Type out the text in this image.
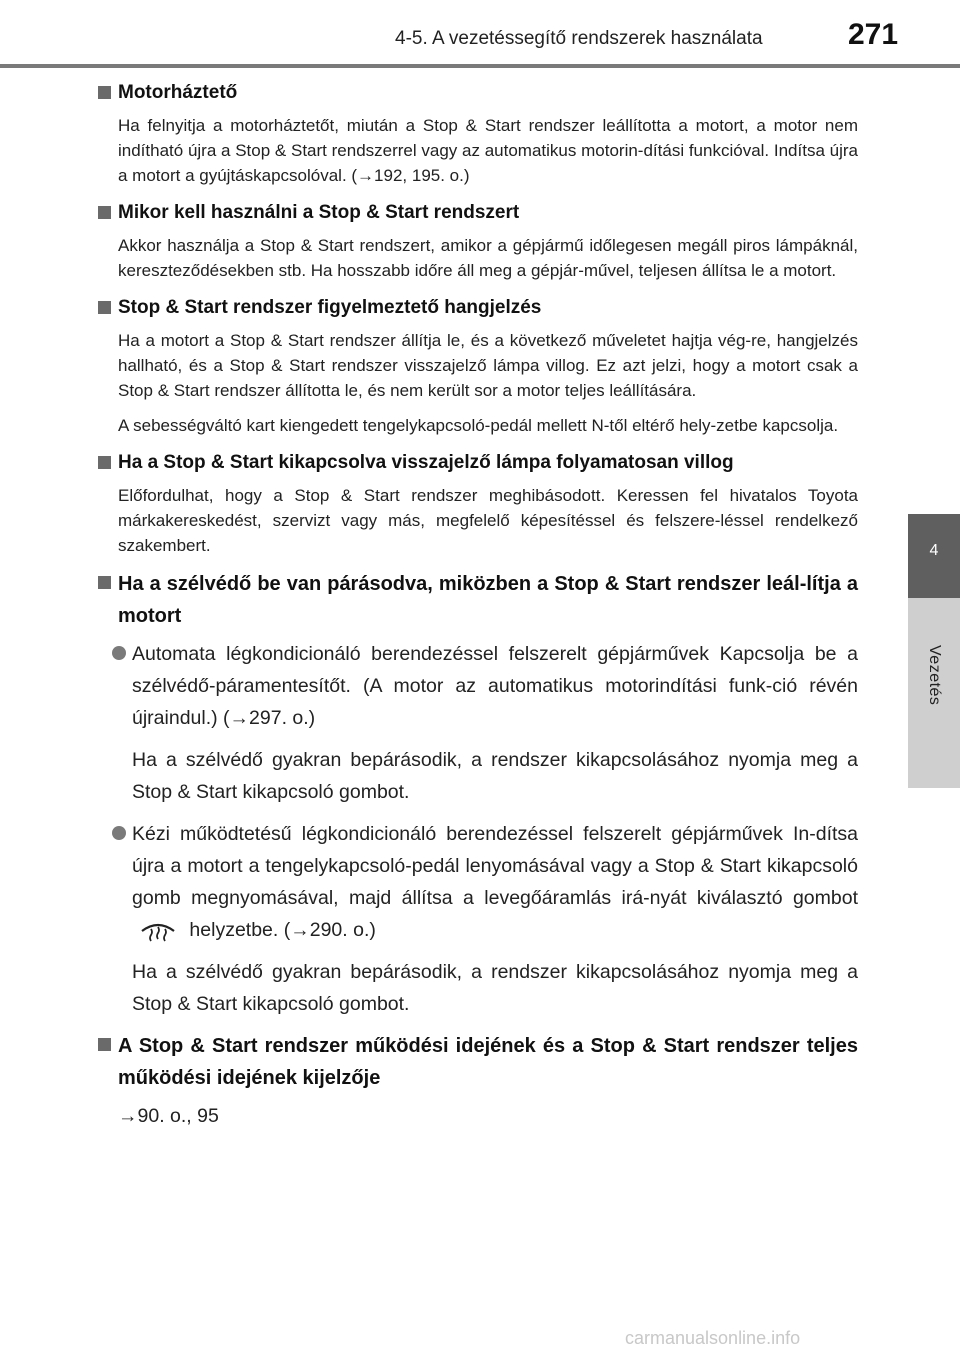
4-5. A vezetéssegítő rendszerek használata	271
4
Vezetés
Motorháztető

Ha felnyitja a motorháztetőt, miután a Stop & Start rendszer leállította a motort, a motor nem indítható újra a Stop & Start rendszerrel vagy az automatikus motorin-dítási funkcióval. Indítsa újra a motort a gyújtáskapcsolóval. (→192, 195. o.)

Mikor kell használni a Stop & Start rendszert

Akkor használja a Stop & Start rendszert, amikor a gépjármű időlegesen megáll piros lámpáknál, kereszteződésekben stb. Ha hosszabb időre áll meg a gépjár-művel, teljesen állítsa le a motort.

Stop & Start rendszer figyelmeztető hangjelzés

Ha a motort a Stop & Start rendszer állítja le, és a következő műveletet hajtja vég-re, hangjelzés hallható, és a Stop & Start rendszer visszajelző lámpa villog. Ez azt jelzi, hogy a motort csak a Stop & Start rendszer állította le, és nem került sor a motor teljes leállítására.

A sebességváltó kart kiengedett tengelykapcsoló-pedál mellett N-től eltérő hely-zetbe kapcsolja.

Ha a Stop & Start kikapcsolva visszajelző lámpa folyamatosan villog

Előfordulhat, hogy a Stop & Start rendszer meghibásodott. Keressen fel hivatalos Toyota márkakereskedést, szervizt vagy más, megfelelő képesítéssel és felszere-léssel rendelkező szakembert.

Ha a szélvédő be van párásodva, miközben a Stop & Start rendszer leál-lítja a motort
Automata légkondicionáló berendezéssel felszerelt gépjárművek Kapcsolja be a szélvédő-páramentesítőt. (A motor az automatikus motorindítási funk-ció révén újraindul.) (→297. o.)

Ha a szélvédő gyakran bepárásodik, a rendszer kikapcsolásához nyomja meg a Stop & Start kikapcsoló gombot.

Kézi működtetésű légkondicionáló berendezéssel felszerelt gépjárművek In-dítsa újra a motort a tengelykapcsoló-pedál lenyomásával vagy a Stop & Start kikapcsoló gomb megnyomásával, majd állítsa a levegőáramlás irá-nyát kiválasztó gombot  helyzetbe. (→290. o.)

Ha a szélvédő gyakran bepárásodik, a rendszer kikapcsolásához nyomja meg a Stop & Start kikapcsoló gombot.

A Stop & Start rendszer működési idejének és a Stop & Start rendszer teljes működési idejének kijelzője

→90. o., 95

carmanualsonline.info
